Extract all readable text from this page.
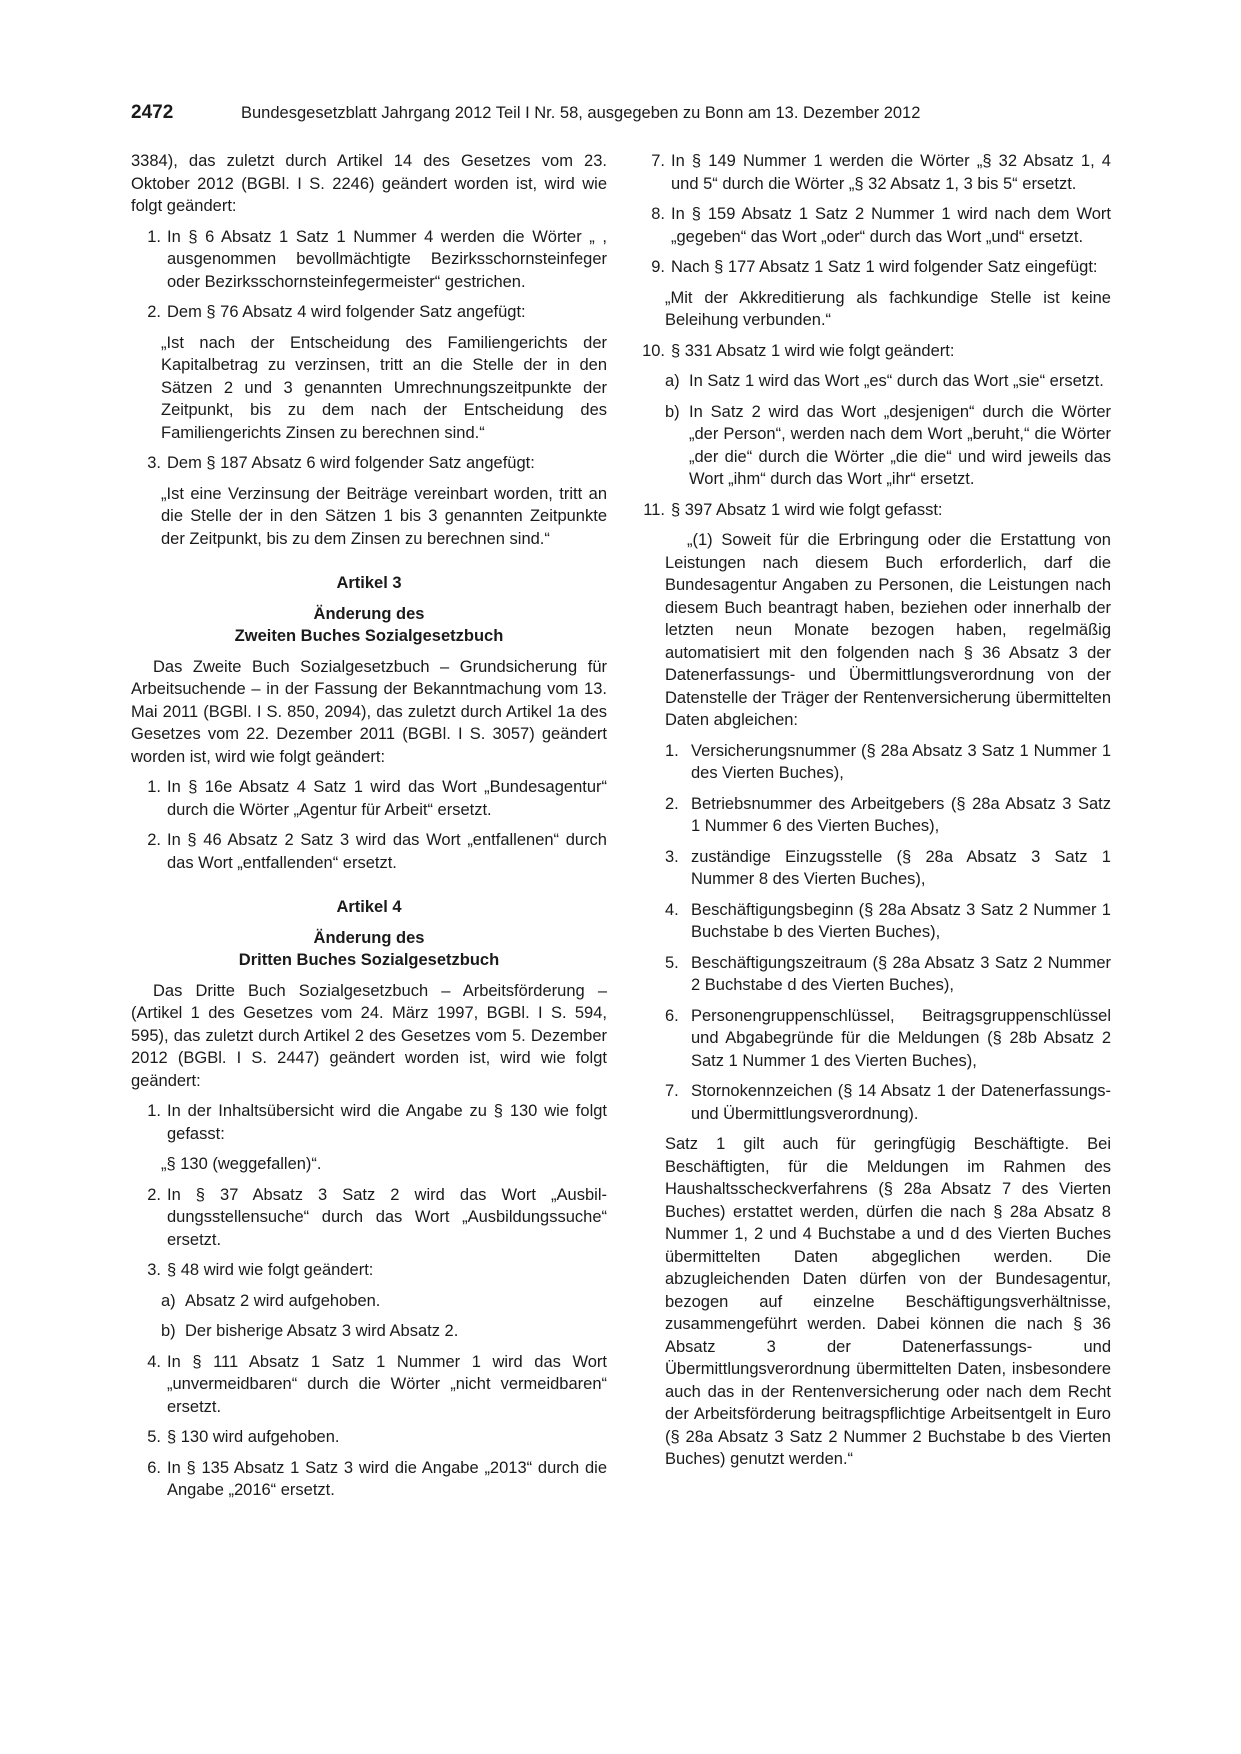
2472	Bundesgesetzblatt Jahrgang 2012 Teil I Nr. 58, ausgegeben zu Bonn am 13. Dezember 2012

3384), das zuletzt durch Artikel 14 des Gesetzes vom 23. Oktober 2012 (BGBl. I S. 2246) geändert worden ist, wird wie folgt geändert:

1. In § 6 Absatz 1 Satz 1 Nummer 4 werden die Wörter „ , ausgenommen bevollmächtigte Bezirksschornsteinfeger oder Bezirksschornsteinfegermeister“ gestrichen.
2. Dem § 76 Absatz 4 wird folgender Satz angefügt:

„Ist nach der Entscheidung des Familiengerichts der Kapitalbetrag zu verzinsen, tritt an die Stelle der in den Sätzen 2 und 3 genannten Umrechnungszeitpunkte der Zeitpunkt, bis zu dem nach der Entscheidung des Familiengerichts Zinsen zu berechnen sind.“

3. Dem § 187 Absatz 6 wird folgender Satz angefügt:

„Ist eine Verzinsung der Beiträge vereinbart worden, tritt an die Stelle der in den Sätzen 1 bis 3 genannten Zeitpunkte der Zeitpunkt, bis zu dem Zinsen zu berechnen sind.“

Artikel 3
Änderung des
Zweiten Buches Sozialgesetzbuch

Das Zweite Buch Sozialgesetzbuch – Grundsicherung für Arbeitsuchende – in der Fassung der Bekanntmachung vom 13. Mai 2011 (BGBl. I S. 850, 2094), das zuletzt durch Artikel 1a des Gesetzes vom 22. Dezember 2011 (BGBl. I S. 3057) geändert worden ist, wird wie folgt geändert:

1. In § 16e Absatz 4 Satz 1 wird das Wort „Bundesagentur“ durch die Wörter „Agentur für Arbeit“ ersetzt.
2. In § 46 Absatz 2 Satz 3 wird das Wort „entfallenen“ durch das Wort „entfallenden“ ersetzt.
Artikel 4
Änderung des
Dritten Buches Sozialgesetzbuch

Das Dritte Buch Sozialgesetzbuch – Arbeitsförderung – (Artikel 1 des Gesetzes vom 24. März 1997, BGBl. I S. 594, 595), das zuletzt durch Artikel 2 des Gesetzes vom 5. Dezember 2012 (BGBl. I S. 2447) geändert worden ist, wird wie folgt geändert:

1. In der Inhaltsübersicht wird die Angabe zu § 130 wie folgt gefasst:

„§ 130 (weggefallen)“.

2. In § 37 Absatz 3 Satz 2 wird das Wort „Ausbildungsstellensuche“ durch das Wort „Ausbildungssuche“ ersetzt.
3. § 48 wird wie folgt geändert:
a) Absatz 2 wird aufgehoben.
b) Der bisherige Absatz 3 wird Absatz 2.
4. In § 111 Absatz 1 Satz 1 Nummer 1 wird das Wort „unvermeidbaren“ durch die Wörter „nicht vermeidbaren“ ersetzt.
5. § 130 wird aufgehoben.
6. In § 135 Absatz 1 Satz 3 wird die Angabe „2013“ durch die Angabe „2016“ ersetzt.
7. In § 149 Nummer 1 werden die Wörter „§ 32 Absatz 1, 4 und 5“ durch die Wörter „§ 32 Absatz 1, 3 bis 5“ ersetzt.
8. In § 159 Absatz 1 Satz 2 Nummer 1 wird nach dem Wort „gegeben“ das Wort „oder“ durch das Wort „und“ ersetzt.
9. Nach § 177 Absatz 1 Satz 1 wird folgender Satz eingefügt:

„Mit der Akkreditierung als fachkundige Stelle ist keine Beleihung verbunden.“

10. § 331 Absatz 1 wird wie folgt geändert:
a) In Satz 1 wird das Wort „es“ durch das Wort „sie“ ersetzt.
b) In Satz 2 wird das Wort „desjenigen“ durch die Wörter „der Person“, werden nach dem Wort „beruht,“ die Wörter „der die“ durch die Wörter „die die“ und wird jeweils das Wort „ihm“ durch das Wort „ihr“ ersetzt.
11. § 397 Absatz 1 wird wie folgt gefasst:

„(1) Soweit für die Erbringung oder die Erstattung von Leistungen nach diesem Buch erforderlich, darf die Bundesagentur Angaben zu Personen, die Leistungen nach diesem Buch beantragt haben, beziehen oder innerhalb der letzten neun Monate bezogen haben, regelmäßig automatisiert mit den folgenden nach § 36 Absatz 3 der Datenerfassungs- und Übermittlungsverordnung von der Datenstelle der Träger der Rentenversicherung übermittelten Daten abgleichen:

1. Versicherungsnummer (§ 28a Absatz 3 Satz 1 Nummer 1 des Vierten Buches),
2. Betriebsnummer des Arbeitgebers (§ 28a Absatz 3 Satz 1 Nummer 6 des Vierten Buches),
3. zuständige Einzugsstelle (§ 28a Absatz 3 Satz 1 Nummer 8 des Vierten Buches),
4. Beschäftigungsbeginn (§ 28a Absatz 3 Satz 2 Nummer 1 Buchstabe b des Vierten Buches),
5. Beschäftigungszeitraum (§ 28a Absatz 3 Satz 2 Nummer 2 Buchstabe d des Vierten Buches),
6. Personengruppenschlüssel, Beitragsgruppenschlüssel und Abgabegründe für die Meldungen (§ 28b Absatz 2 Satz 1 Nummer 1 des Vierten Buches),
7. Stornokennzeichen (§ 14 Absatz 1 der Datenerfassungs- und Übermittlungsverordnung).

Satz 1 gilt auch für geringfügig Beschäftigte. Bei Beschäftigten, für die Meldungen im Rahmen des Haushaltsscheckverfahrens (§ 28a Absatz 7 des Vierten Buches) erstattet werden, dürfen die nach § 28a Absatz 8 Nummer 1, 2 und 4 Buchstabe a und d des Vierten Buches übermittelten Daten abgeglichen werden. Die abzugleichenden Daten dürfen von der Bundesagentur, bezogen auf einzelne Beschäftigungsverhältnisse, zusammengeführt werden. Dabei können die nach § 36 Absatz 3 der Datenerfassungs- und Übermittlungsverordnung übermittelten Daten, insbesondere auch das in der Rentenversicherung oder nach dem Recht der Arbeitsförderung beitragspflichtige Arbeitsentgelt in Euro (§ 28a Absatz 3 Satz 2 Nummer 2 Buchstabe b des Vierten Buches) genutzt werden.“
